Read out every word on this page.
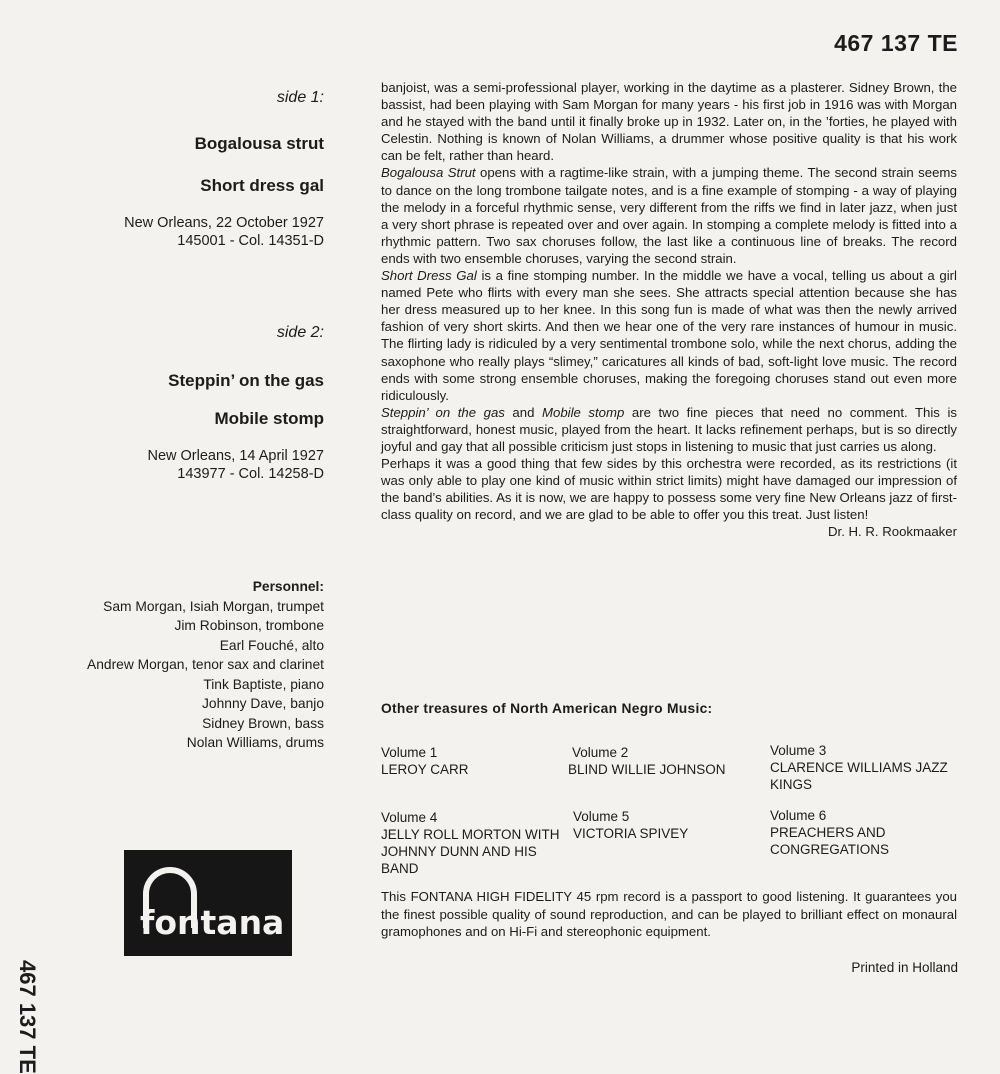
467 137 TE
side 1:
Bogalousa strut
Short dress gal
New Orleans, 22 October 1927
145001 - Col. 14351-D
side 2:
Steppin’ on the gas
Mobile stomp
New Orleans, 14 April 1927
143977 - Col. 14258-D
Personnel:
Sam Morgan, Isiah Morgan, trumpet
Jim Robinson, trombone
Earl Fouché, alto
Andrew Morgan, tenor sax and clarinet
Tink Baptiste, piano
Johnny Dave, banjo
Sidney Brown, bass
Nolan Williams, drums
467 137 TE
fontana

banjoist, was a semi-professional player, working in the daytime as a plasterer. Sidney Brown, the bassist, had been playing with Sam Morgan for many years - his first job in 1916 was with Morgan and he stayed with the band until it finally broke up in 1932. Later on, in the ’forties, he played with Celestin. Nothing is known of Nolan Williams, a drummer whose positive quality is that his work can be felt, rather than heard.

Bogalousa Strut opens with a ragtime-like strain, with a jumping theme. The second strain seems to dance on the long trombone tailgate notes, and is a fine example of stomping - a way of playing the melody in a forceful rhythmic sense, very different from the riffs we find in later jazz, when just a very short phrase is repeated over and over again. In stomping a complete melody is fitted into a rhythmic pattern. Two sax choruses follow, the last like a continuous line of breaks. The record ends with two ensemble choruses, varying the second strain.

Short Dress Gal is a fine stomping number. In the middle we have a vocal, telling us about a girl named Pete who flirts with every man she sees. She attracts special attention because she has her dress measured up to her knee. In this song fun is made of what was then the newly arrived fashion of very short skirts. And then we hear one of the very rare instances of humour in music. The flirting lady is ridiculed by a very sentimental trombone solo, while the next chorus, adding the saxophone who really plays “slimey,” caricatures all kinds of bad, soft-light love music. The record ends with some strong ensemble choruses, making the foregoing choruses stand out even more ridiculously.

Steppin’ on the gas and Mobile stomp are two fine pieces that need no comment. This is straightforward, honest music, played from the heart. It lacks refinement perhaps, but is so directly joyful and gay that all possible criticism just stops in listening to music that just carries us along.

Perhaps it was a good thing that few sides by this orchestra were recorded, as its restrictions (it was only able to play one kind of music within strict limits) might have damaged our impression of the band’s abilities. As it is now, we are happy to possess some very fine New Orleans jazz of first-class quality on record, and we are glad to be able to offer you this treat. Just listen!

Dr. H. R. Rookmaaker

Other treasures of North American Negro Music:
Volume 1
LEROY CARR
Volume 2
BLIND WILLIE JOHNSON
Volume 3
CLARENCE WILLIAMS JAZZ KINGS
Volume 4
JELLY ROLL MORTON WITH JOHNNY DUNN AND HIS BAND
Volume 5
VICTORIA SPIVEY
Volume 6
PREACHERS AND CONGREGATIONS
This FONTANA HIGH FIDELITY 45 rpm record is a passport to good listening. It guarantees you the finest possible quality of sound reproduction, and can be played to brilliant effect on monaural gramophones and on Hi-Fi and stereophonic equipment.
Printed in Holland
